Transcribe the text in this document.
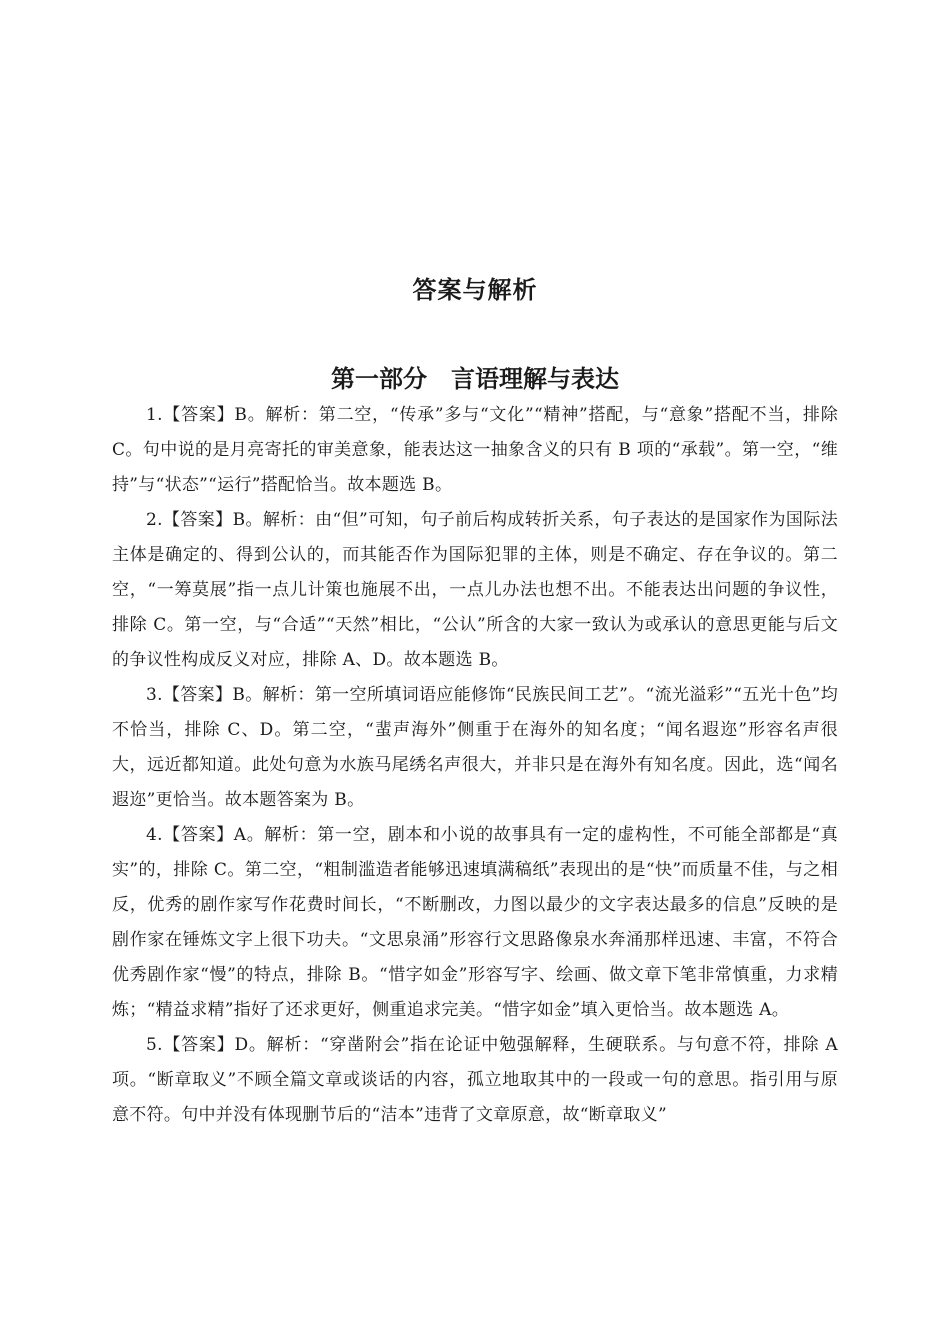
答案与解析
第一部分　言语理解与表达

1.【答案】B。解析：第二空，“传承”多与“文化”“精神”搭配，与“意象”搭配不当，排除 C。句中说的是月亮寄托的审美意象，能表达这一抽象含义的只有 B 项的“承载”。第一空，“维持”与“状态”“运行”搭配恰当。故本题选 B。

2.【答案】B。解析：由“但”可知，句子前后构成转折关系，句子表达的是国家作为国际法主体是确定的、得到公认的，而其能否作为国际犯罪的主体，则是不确定、存在争议的。第二空，“一筹莫展”指一点儿计策也施展不出，一点儿办法也想不出。不能表达出问题的争议性，排除 C。第一空，与“合适”“天然”相比，“公认”所含的大家一致认为或承认的意思更能与后文的争议性构成反义对应，排除 A、D。故本题选 B。

3.【答案】B。解析：第一空所填词语应能修饰“民族民间工艺”。“流光溢彩”“五光十色”均不恰当，排除 C、D。第二空，“蜚声海外”侧重于在海外的知名度；“闻名遐迩”形容名声很大，远近都知道。此处句意为水族马尾绣名声很大，并非只是在海外有知名度。因此，选“闻名遐迩”更恰当。故本题答案为 B。

4.【答案】A。解析：第一空，剧本和小说的故事具有一定的虚构性，不可能全部都是“真实”的，排除 C。第二空，“粗制滥造者能够迅速填满稿纸”表现出的是“快”而质量不佳，与之相反，优秀的剧作家写作花费时间长，“不断删改，力图以最少的文字表达最多的信息”反映的是剧作家在锤炼文字上很下功夫。“文思泉涌”形容行文思路像泉水奔涌那样迅速、丰富，不符合优秀剧作家“慢”的特点，排除 B。“惜字如金”形容写字、绘画、做文章下笔非常慎重，力求精炼；“精益求精”指好了还求更好，侧重追求完美。“惜字如金”填入更恰当。故本题选 A。

5.【答案】D。解析：“穿凿附会”指在论证中勉强解释，生硬联系。与句意不符，排除 A 项。“断章取义”不顾全篇文章或谈话的内容，孤立地取其中的一段或一句的意思。指引用与原意不符。句中并没有体现删节后的“洁本”违背了文章原意，故“断章取义”
